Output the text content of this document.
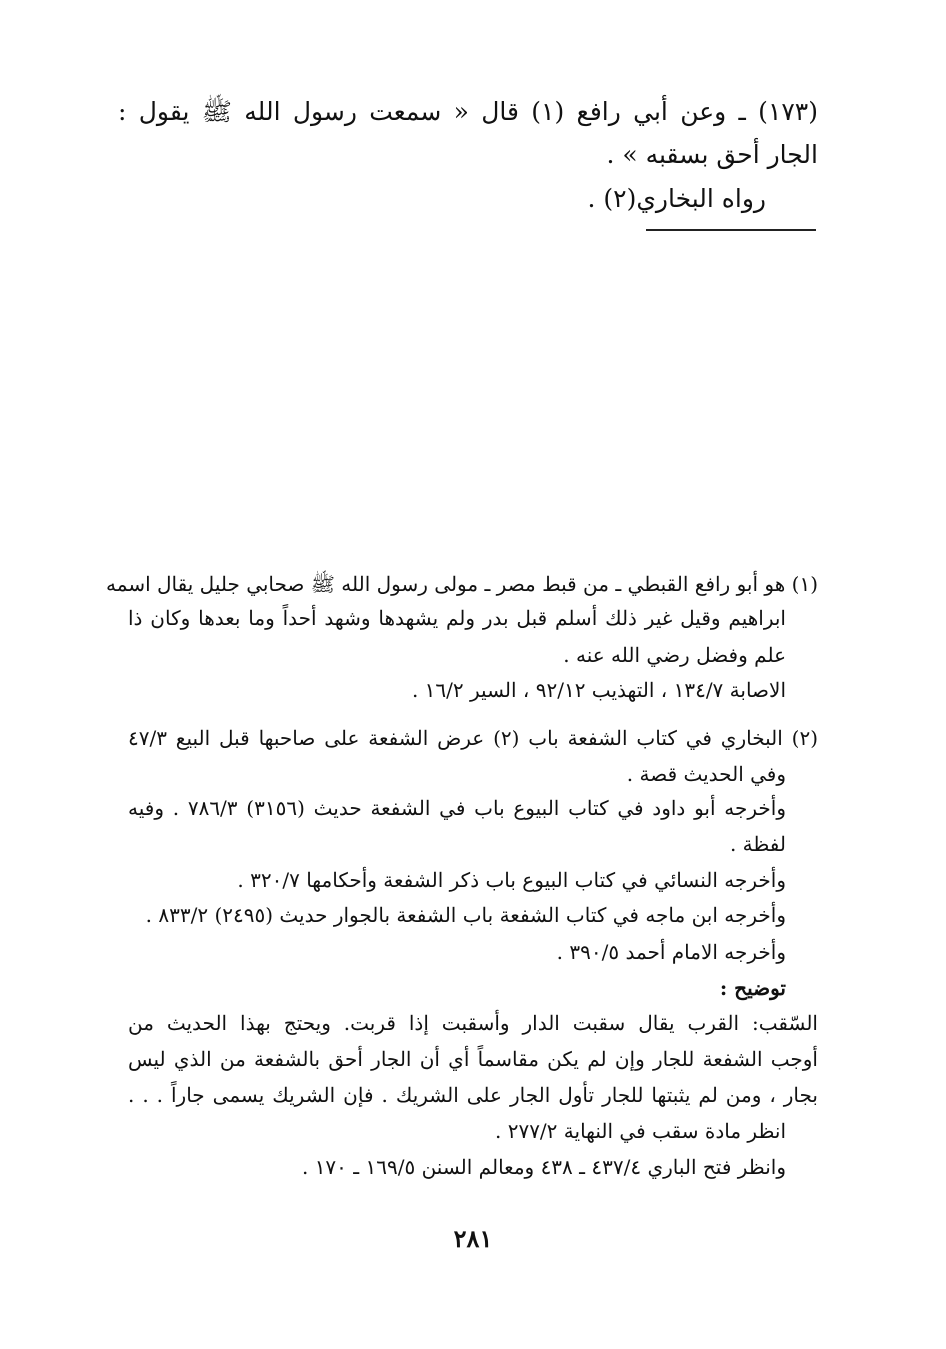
(١٧٣) ـ وعن أبي رافع (١) قال « سمعت رسول الله ﷺ يقول :
الجار أحق بسقبه » .
رواه البخاري(٢) .
(١) هو أبو رافع القبطي ـ من قبط مصر ـ مولى رسول الله ﷺ صحابي جليل يقال اسمه
ابراهيم وقيل غير ذلك أسلم قبل بدر ولم يشهدها وشهد أحداً وما بعدها وكان ذا
علم وفضل رضي الله عنه .
الاصابة ١٣٤/٧ ، التهذيب ٩٢/١٢ ، السير ١٦/٢ .
(٢) البخاري في كتاب الشفعة باب (٢) عرض الشفعة على صاحبها قبل البيع ٤٧/٣
وفي الحديث قصة .
وأخرجه أبو داود في كتاب البيوع باب في الشفعة حديث (٣١٥٦) ٧٨٦/٣ . وفيه
لفظة .
وأخرجه النسائي في كتاب البيوع باب ذكر الشفعة وأحكامها ٣٢٠/٧ .
وأخرجه ابن ماجه في كتاب الشفعة باب الشفعة بالجوار حديث (٢٤٩٥) ٨٣٣/٢ .
وأخرجه الامام أحمد ٣٩٠/٥ .
توضيح :
السّقب: القرب يقال سقبت الدار وأسقبت إذا قربت. ويحتج بهذا الحديث من
أوجب الشفعة للجار وإن لم يكن مقاسماً أي أن الجار أحق بالشفعة من الذي ليس
بجار ، ومن لم يثبتها للجار تأول الجار على الشريك . فإن الشريك يسمى جاراً . . .
انظر مادة سقب في النهاية ٢٧٧/٢ .
وانظر فتح الباري ٤٣٧/٤ ـ ٤٣٨ ومعالم السنن ١٦٩/٥ ـ ١٧٠ .
٢٨١
